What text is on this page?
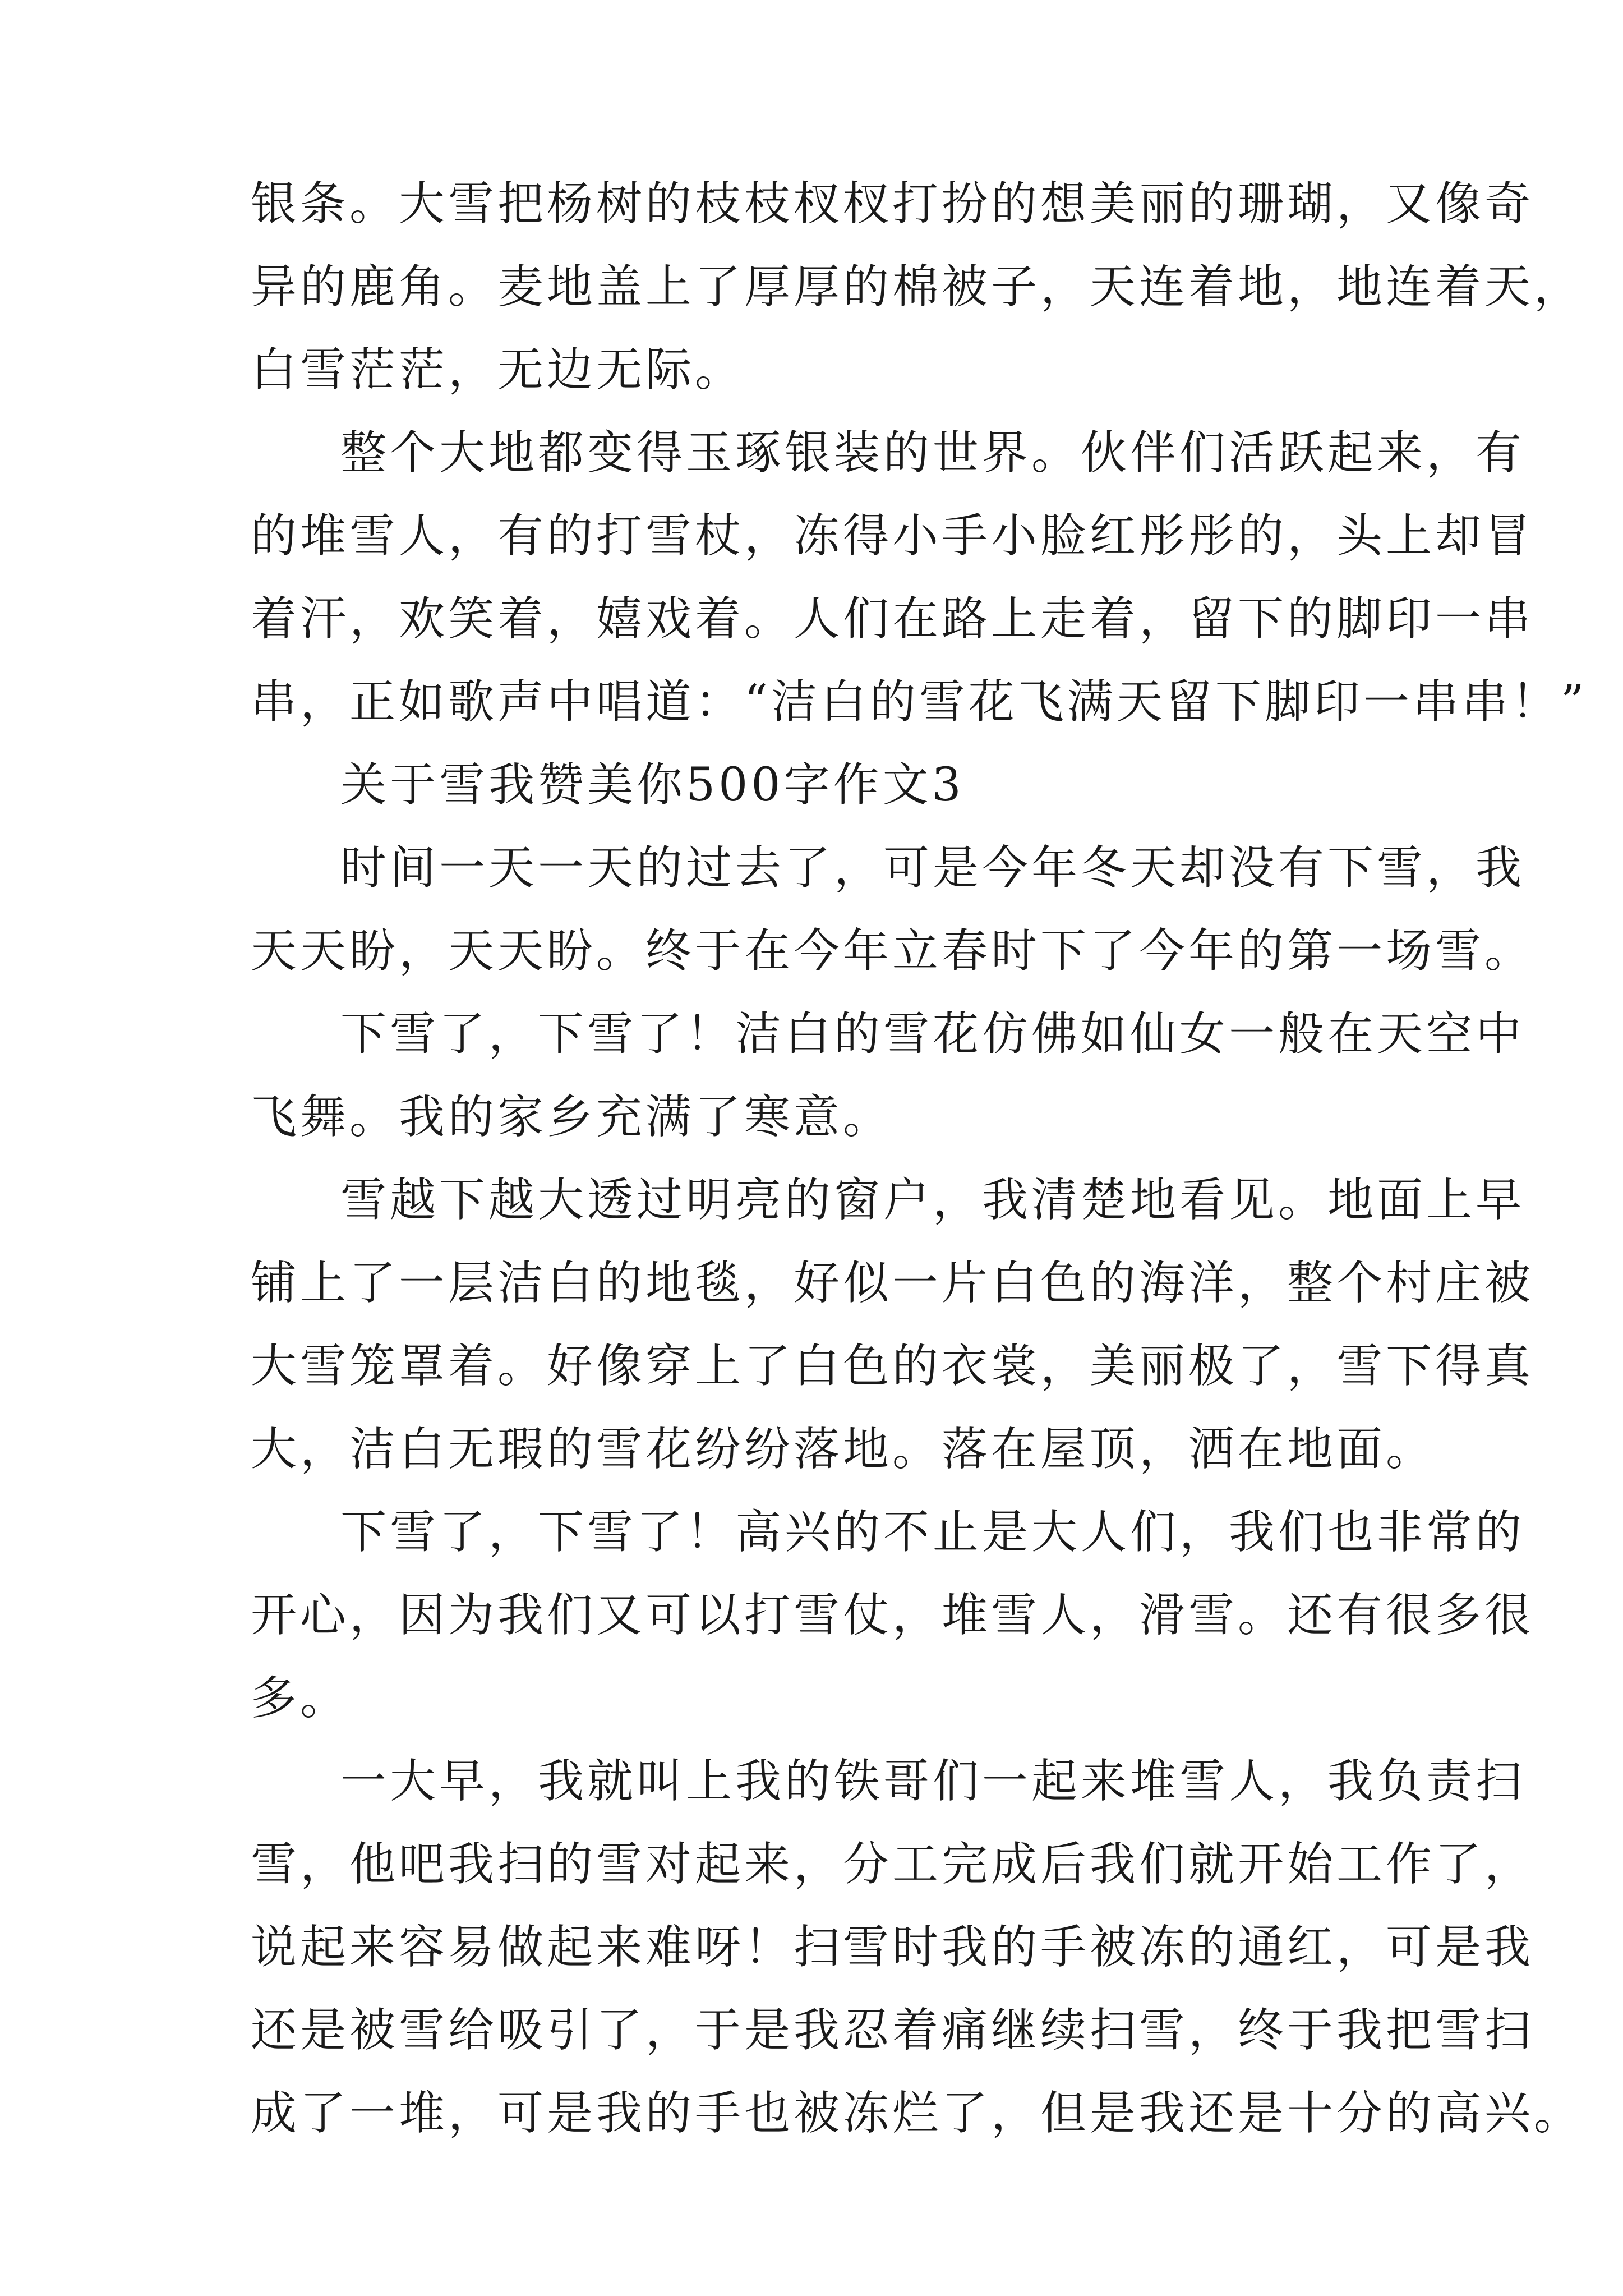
银条。大雪把杨树的枝枝杈杈打扮的想美丽的珊瑚，又像奇
异的鹿角。麦地盖上了厚厚的棉被子，天连着地，地连着天，
白雪茫茫，无边无际。
整个大地都变得玉琢银装的世界。伙伴们活跃起来，有
的堆雪人，有的打雪杖，冻得小手小脸红彤彤的，头上却冒
着汗，欢笑着，嬉戏着。人们在路上走着，留下的脚印一串
串，正如歌声中唱道：“洁白的雪花飞满天留下脚印一串串！”
关于雪我赞美你500字作文3
时间一天一天的过去了，可是今年冬天却没有下雪，我
天天盼，天天盼。终于在今年立春时下了今年的第一场雪。
下雪了，下雪了！洁白的雪花仿佛如仙女一般在天空中
飞舞。我的家乡充满了寒意。
雪越下越大透过明亮的窗户，我清楚地看见。地面上早
铺上了一层洁白的地毯，好似一片白色的海洋，整个村庄被
大雪笼罩着。好像穿上了白色的衣裳，美丽极了，雪下得真
大，洁白无瑕的雪花纷纷落地。落在屋顶，洒在地面。
下雪了，下雪了！高兴的不止是大人们，我们也非常的
开心，因为我们又可以打雪仗，堆雪人，滑雪。还有很多很
多。
一大早，我就叫上我的铁哥们一起来堆雪人，我负责扫
雪，他吧我扫的雪对起来，分工完成后我们就开始工作了，
说起来容易做起来难呀！扫雪时我的手被冻的通红，可是我
还是被雪给吸引了，于是我忍着痛继续扫雪，终于我把雪扫
成了一堆，可是我的手也被冻烂了，但是我还是十分的高兴。
